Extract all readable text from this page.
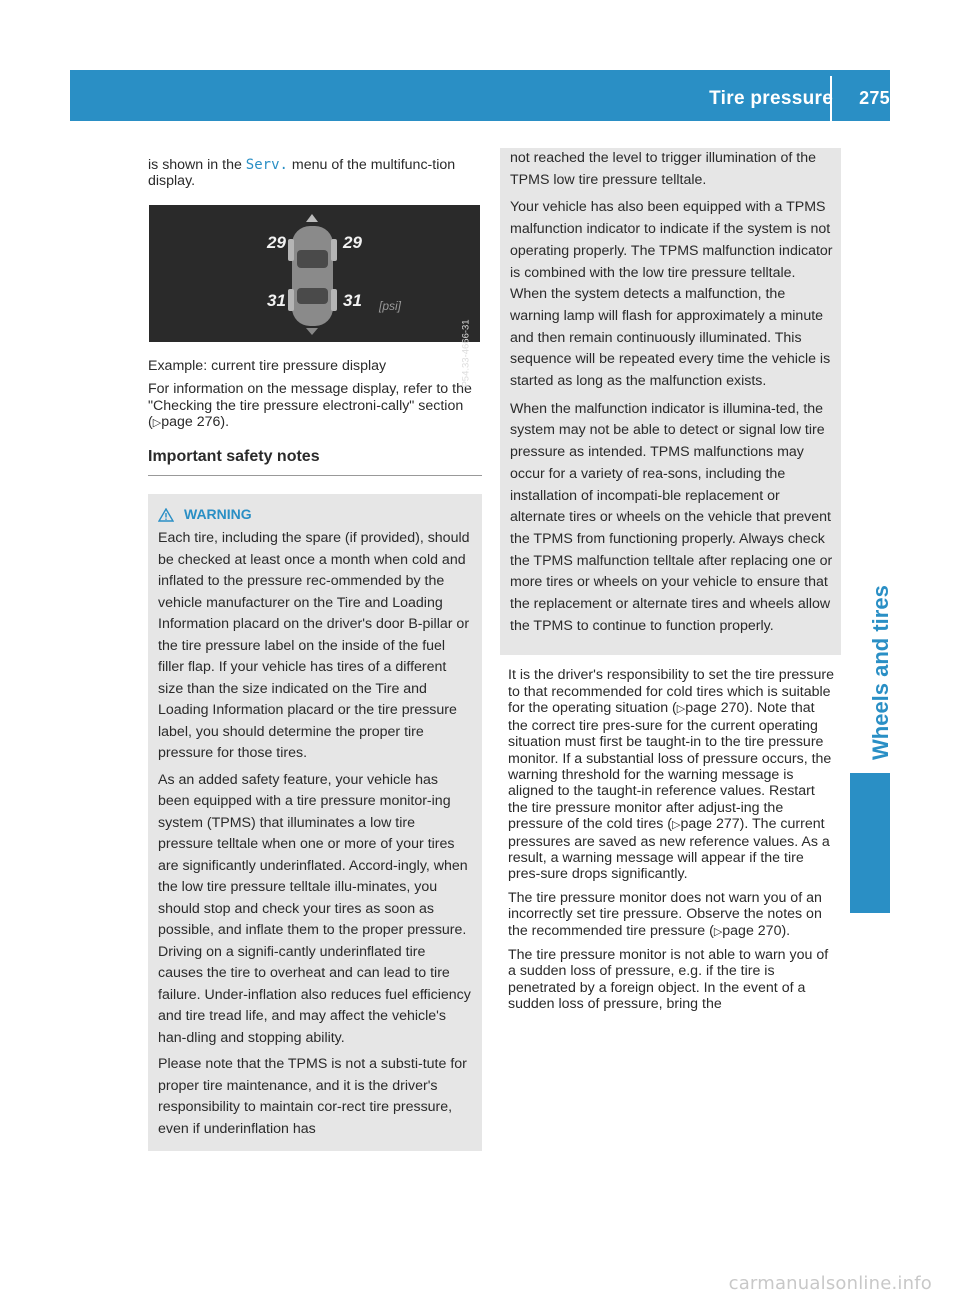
Tire pressure 275
Wheels and tires

is shown in the Serv. menu of the multifunc-tion display.

29	29
31	31 [psi]
P54.33-4666-31

Example: current tire pressure display

For information on the message display, refer to the "Checking the tire pressure electroni-cally" section (▷page 276).

Important safety notes
WARNING

Each tire, including the spare (if provided), should be checked at least once a month when cold and inflated to the pressure rec-ommended by the vehicle manufacturer on the Tire and Loading Information placard on the driver's door B-pillar or the tire pressure label on the inside of the fuel filler flap. If your vehicle has tires of a different size than the size indicated on the Tire and Loading Information placard or the tire pressure label, you should determine the proper tire pressure for those tires.

As an added safety feature, your vehicle has been equipped with a tire pressure monitor-ing system (TPMS) that illuminates a low tire pressure telltale when one or more of your tires are significantly underinflated. Accord-ingly, when the low tire pressure telltale illu-minates, you should stop and check your tires as soon as possible, and inflate them to the proper pressure. Driving on a signifi-cantly underinflated tire causes the tire to overheat and can lead to tire failure. Under-inflation also reduces fuel efficiency and tire tread life, and may affect the vehicle's han-dling and stopping ability.

Please note that the TPMS is not a substi-tute for proper tire maintenance, and it is the driver's responsibility to maintain cor-rect tire pressure, even if underinflation has

not reached the level to trigger illumination of the TPMS low tire pressure telltale.

Your vehicle has also been equipped with a TPMS malfunction indicator to indicate if the system is not operating properly. The TPMS malfunction indicator is combined with the low tire pressure telltale. When the system detects a malfunction, the warning lamp will flash for approximately a minute and then remain continuously illuminated. This sequence will be repeated every time the vehicle is started as long as the malfunction exists.

When the malfunction indicator is illumina-ted, the system may not be able to detect or signal low tire pressure as intended. TPMS malfunctions may occur for a variety of rea-sons, including the installation of incompati-ble replacement or alternate tires or wheels on the vehicle that prevent the TPMS from functioning properly. Always check the TPMS malfunction telltale after replacing one or more tires or wheels on your vehicle to ensure that the replacement or alternate tires and wheels allow the TPMS to continue to function properly.

It is the driver's responsibility to set the tire pressure to that recommended for cold tires which is suitable for the operating situation (▷page 270). Note that the correct tire pres-sure for the current operating situation must first be taught-in to the tire pressure monitor. If a substantial loss of pressure occurs, the warning threshold for the warning message is aligned to the taught-in reference values. Restart the tire pressure monitor after adjust-ing the pressure of the cold tires (▷page 277). The current pressures are saved as new reference values. As a result, a warning message will appear if the tire pres-sure drops significantly.

The tire pressure monitor does not warn you of an incorrectly set tire pressure. Observe the notes on the recommended tire pressure (▷page 270).

The tire pressure monitor is not able to warn you of a sudden loss of pressure, e.g. if the tire is penetrated by a foreign object. In the event of a sudden loss of pressure, bring the

carmanualsonline.info
